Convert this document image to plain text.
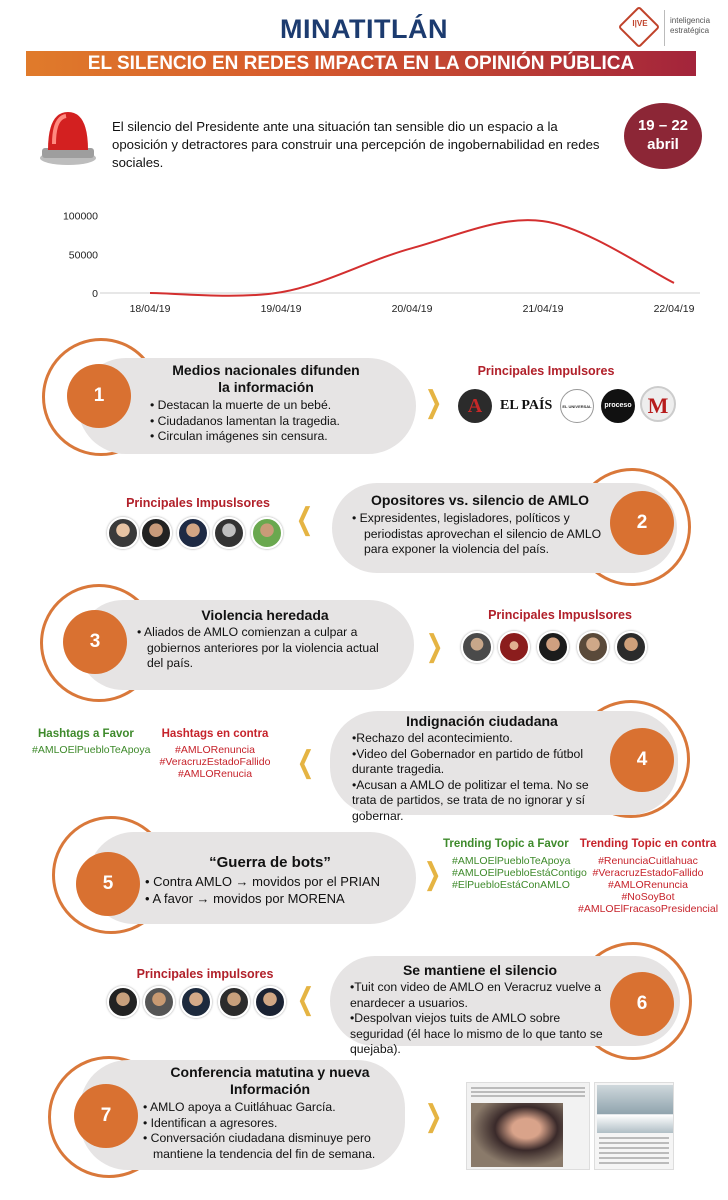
MINATITLÁN	I|VE	inteligencia
estratégica
EL SILENCIO EN REDES IMPACTA EN LA OPINIÓN PÚBLICA
El silencio del Presidente ante una situación tan sensible dio un espacio a la oposición y detractores para construir una percepción de ingobernabilidad en redes sociales.
19 – 22
abril
0
50000
100000
18/04/19	19/04/19	20/04/19	21/04/19	22/04/19
1
Medios nacionales difunden
la información
• Destacan la muerte de un bebé.
• Ciudadanos lamentan la tragedia.
• Circulan imágenes sin censura.
❯
Principales Impulsores
A	EL PAÍS	EL UNIVERSAL	proceso M
2
Opositores vs. silencio de AMLO
• Expresidentes, legisladores, políticos y periodistas aprovechan el silencio de AMLO para exponer la violencia del país.
❮
Principales Impuslsores
3
Violencia heredada
• Aliados de AMLO comienzan a culpar a gobiernos anteriores por la violencia actual del país.	❯
Principales Impuslsores
4
Indignación ciudadana
•Rechazo del acontecimiento.
•Video del Gobernador en partido de fútbol durante tragedia.
•Acusan a AMLO de politizar el tema. No se trata de partidos, se trata de no ignorar y sí gobernar.
❮
Hashtags a Favor
#AMLOElPuebloTeApoya
Hashtags en contra
#AMLORenuncia
#VeracruzEstadoFallido
#AMLORenucia
5
“Guerra de bots”
• Contra AMLO → movidos por el PRIAN
• A favor → movidos por MORENA
❯
Trending Topic a Favor
#AMLOElPuebloTeApoya
#AMLOElPuebloEstáContigo
#ElPuebloEstáConAMLO
Trending Topic en contra
#RenunciaCuitlahuac
#VeracruzEstadoFallido
#AMLORenuncia
#NoSoyBot
#AMLOElFracasoPresidencial
6
Se mantiene el silencio
•Tuit con video de AMLO en Veracruz vuelve a enardecer a usuarios.
•Despolvan viejos tuits de AMLO sobre seguridad (él hace lo mismo de lo que tanto se quejaba).
❮
Principales impulsores
7
Conferencia matutina y nueva
Información
• AMLO apoya a Cuitláhuac García.
• Identifican a agresores.
• Conversación ciudadana disminuye pero mantiene la tendencia del fin de semana.
❯
